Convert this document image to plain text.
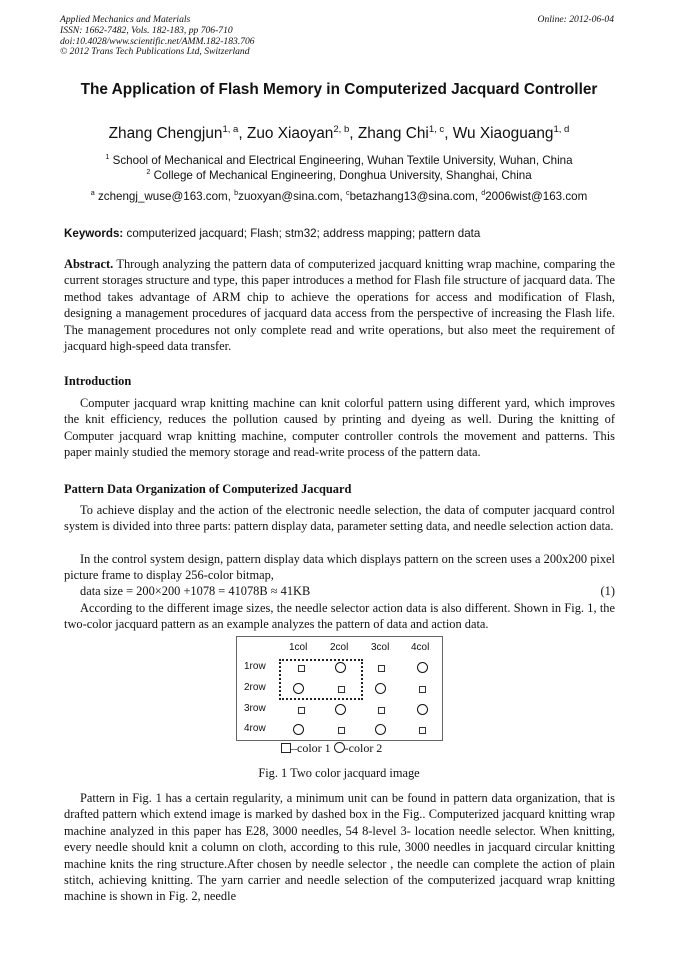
Applied Mechanics and Materials
ISSN: 1662-7482, Vols. 182-183, pp 706-710
doi:10.4028/www.scientific.net/AMM.182-183.706
© 2012 Trans Tech Publications Ltd, Switzerland
Online: 2012-06-04
The Application of Flash Memory in Computerized Jacquard Controller
Zhang Chengjun$^{1, a}$, Zuo Xiaoyan$^{2, b}$, Zhang Chi$^{1, c}$, Wu Xiaoguang$^{1, d}$
$^1$ School of Mechanical and Electrical Engineering, Wuhan Textile University, Wuhan, China
$^2$ College of Mechanical Engineering, Donghua University, Shanghai, China
$^a$ zchengj_wuse@163.com, $^b$zuoxyan@sina.com, $^c$betazhang13@sina.com, $^d$2006wist@163.com
Keywords: computerized jacquard; Flash; stm32; address mapping; pattern data

Abstract. Through analyzing the pattern data of computerized jacquard knitting wrap machine, comparing the current storages structure and type, this paper introduces a method for Flash file structure of jacquard data. The method takes advantage of ARM chip to achieve the operations for access and modification of Flash, designing a management procedures of jacquard data access from the perspective of increasing the Flash life. The management procedures not only complete read and write operations, but also meet the requirement of jacquard high-speed data transfer.

Introduction

Computer jacquard wrap knitting machine can knit colorful pattern using different yard, which improves the knit efficiency, reduces the pollution caused by printing and dyeing as well. During the knitting of Computer jacquard wrap knitting machine, computer controller controls the movement and patterns. This paper mainly studied the memory storage and read-write process of the pattern data.

Pattern Data Organization of Computerized Jacquard

To achieve display and the action of the electronic needle selection, the data of computer jacquard control system is divided into three parts: pattern display data, parameter setting data, and needle selection action data.

In the control system design, pattern display data which displays pattern on the screen uses a 200x200 pixel picture frame to display 256-color bitmap,

data size = 200×200 +1078 = 41078B ≈ 41KB	(1)

According to the different image sizes, the needle selector action data is also different. Shown in Fig. 1, the two-color jacquard pattern as an example analyzes the pattern of data and action data.

1col 2col 3col 4col
1row
2row
3row
4row
–color 1 -color 2
Fig. 1 Two color jacquard image

Pattern in Fig. 1 has a certain regularity, a minimum unit can be found in pattern data organization, that is drafted pattern which extend image is marked by dashed box in the Fig.. Computerized jacquard knitting wrap machine analyzed in this paper has E28, 3000 needles, 54 8-level 3- location needle selector. When knitting, every needle should knit a column on cloth, according to this rule, 3000 needles in jacquard circular knitting machine knits the ring structure.After chosen by needle selector , the needle can complete the action of plain stitch, achieving knitting. The yarn carrier and needle selection of the computerized jacquard wrap knitting machine is shown in Fig. 2, needle
